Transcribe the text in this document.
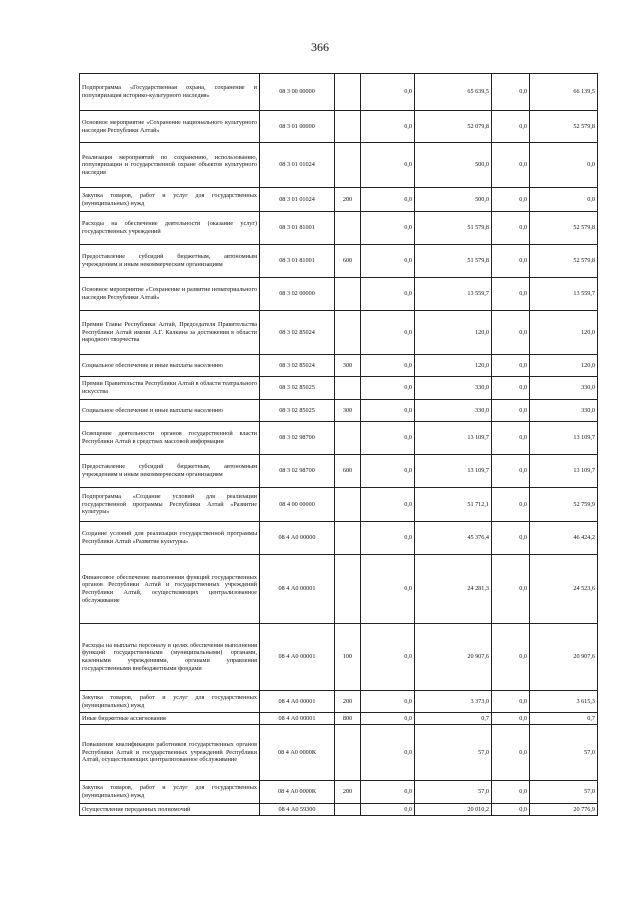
366
Подпрограмма «Государственная охрана, сохранение и популяризация историко-культурного наследия»	08 3 00 00000		0,0	65 639,5	0,0	66 139,5
Основное мероприятие «Сохранение национального культурного наследия Республики Алтай»	08 3 01 00000		0,0	52 079,8	0,0	52 579,8
Реализация мероприятий по сохранению, использованию, популяризации и государственной охране объектов культурного наследия	08 3 01 01024		0,0	500,0	0,0	0,0
Закупка товаров, работ и услуг для государственных (муниципальных) нужд	08 3 01 01024	200	0,0	500,0	0,0	0,0
Расходы на обеспечение деятельности (оказание услуг) государственных учреждений	08 3 01 81001		0,0	51 579,8	0,0	52 579,8
Предоставление субсидий бюджетным, автономным учреждениям и иным некоммерческим организациям	08 3 01 81001	600	0,0	51 579,8	0,0	52 579,8
Основное мероприятие «Сохранение и развитие нематериального наследия Республики Алтай»	08 3 02 00000		0,0	13 559,7	0,0	13 559,7
Премии Главы Республики Алтай, Председателя Правительства Республики Алтай имени А.Г. Калкина за достижения в области народного творчества	08 3 02 85024		0,0	120,0	0,0	120,0
Социальное обеспечение и иные выплаты населению	08 3 02 85024	300	0,0	120,0	0,0	120,0
Премии Правительства Республики Алтай в области театрального искусства	08 3 02 85025		0,0	330,0	0,0	330,0
Социальное обеспечение и иные выплаты населению	08 3 02 85025	300	0,0	330,0	0,0	330,0
Освещение деятельности органов государственной власти Республики Алтай в средствах массовой информации	08 3 02 98700		0,0	13 109,7	0,0	13 109,7
Предоставление субсидий бюджетным, автономным учреждениям и иным некоммерческим организациям	08 3 02 98700	600	0,0	13 109,7	0,0	13 109,7
Подпрограмма «Создание условий для реализации государственной программы Республики Алтай «Развитие культуры»	08 4 00 00000		0,0	51 712,1	0,0	52 759,9
Создание условий для реализации государственной программы Республики Алтай «Развитие культуры»	08 4 А0 00000		0,0	45 376,4	0,0	46 424,2
Финансовое обеспечение выполнения функций государственных органов Республики Алтай и государственных учреждений Республики Алтай, осуществляющих централизованное обслуживание	08 4 А0 00001		0,0	24 281,3	0,0	24 523,6
Расходы на выплаты персоналу в целях обеспечения выполнения функций государственными (муниципальными) органами, казенными учреждениями, органами управления государственными внебюджетными фондами	08 4 А0 00001	100	0,0	20 907,6	0,0	20 907,6
Закупка товаров, работ и услуг для государственных (муниципальных) нужд	08 4 А0 00001	200	0,0	3 373,0	0,0	3 615,3
Иные бюджетные ассигнования	08 4 А0 00001	800	0,0	0,7	0,0	0,7
Повышение квалификации работников государственных органов Республики Алтай и государственных учреждений Республики Алтай, осуществляющих централизованное обслуживание	08 4 А0 0000К		0,0	57,0	0,0	57,0
Закупка товаров, работ и услуг для государственных (муниципальных) нужд	08 4 А0 0000К	200	0,0	57,0	0,0	57,0
Осуществление переданных полномочий	08 4 А0 59300		0,0	20 010,2	0,0	20 776,9
